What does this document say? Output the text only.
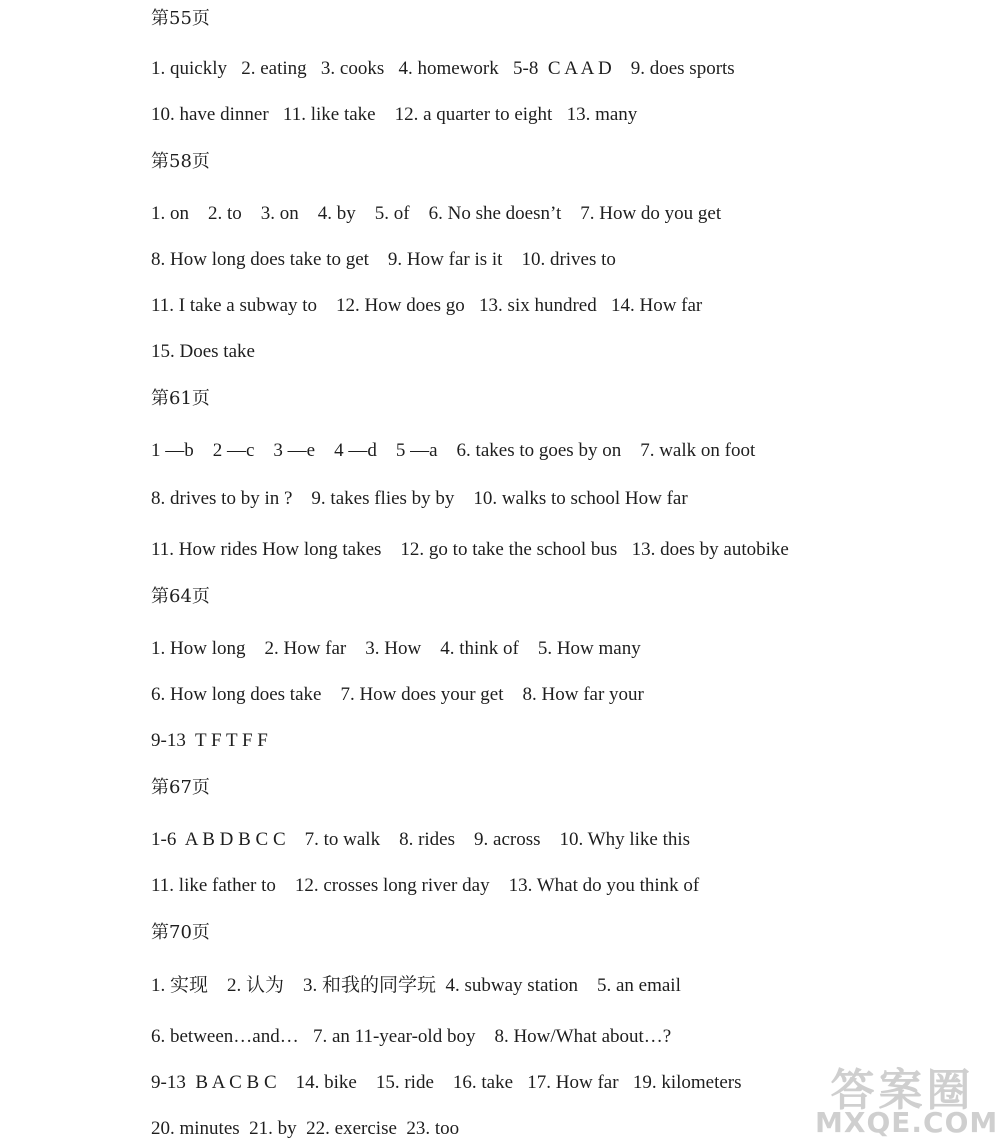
第55页
1. quickly   2. eating   3. cooks   4. homework   5-8  C A A D    9. does sports
10. have dinner   11. like take    12. a quarter to eight   13. many
第58页
1. on    2. to    3. on    4. by    5. of    6. No she doesn’t    7. How do you get
8. How long does take to get    9. How far is it    10. drives to
11. I take a subway to    12. How does go   13. six hundred   14. How far
15. Does take
第61页
1 —b    2 —c    3 —e    4 —d    5 —a    6. takes to goes by on    7. walk on foot
8. drives to by in ?    9. takes flies by by    10. walks to school How far
11. How rides How long takes    12. go to take the school bus   13. does by autobike
第64页
1. How long    2. How far    3. How    4. think of    5. How many
6. How long does take    7. How does your get    8. How far your
9-13  T F T F F
第67页
1-6  A B D B C C    7. to walk    8. rides    9. across    10. Why like this
11. like father to    12. crosses long river day    13. What do you think of
第70页
1. 实现    2. 认为    3. 和我的同学玩  4. subway station    5. an email
6. between…and…   7. an 11-year-old boy    8. How/What about…?
9-13  B A C B C    14. bike    15. ride    16. take   17. How far   19. kilometers
20. minutes  21. by  22. exercise  23. too
答案圈
MXQE.COM
